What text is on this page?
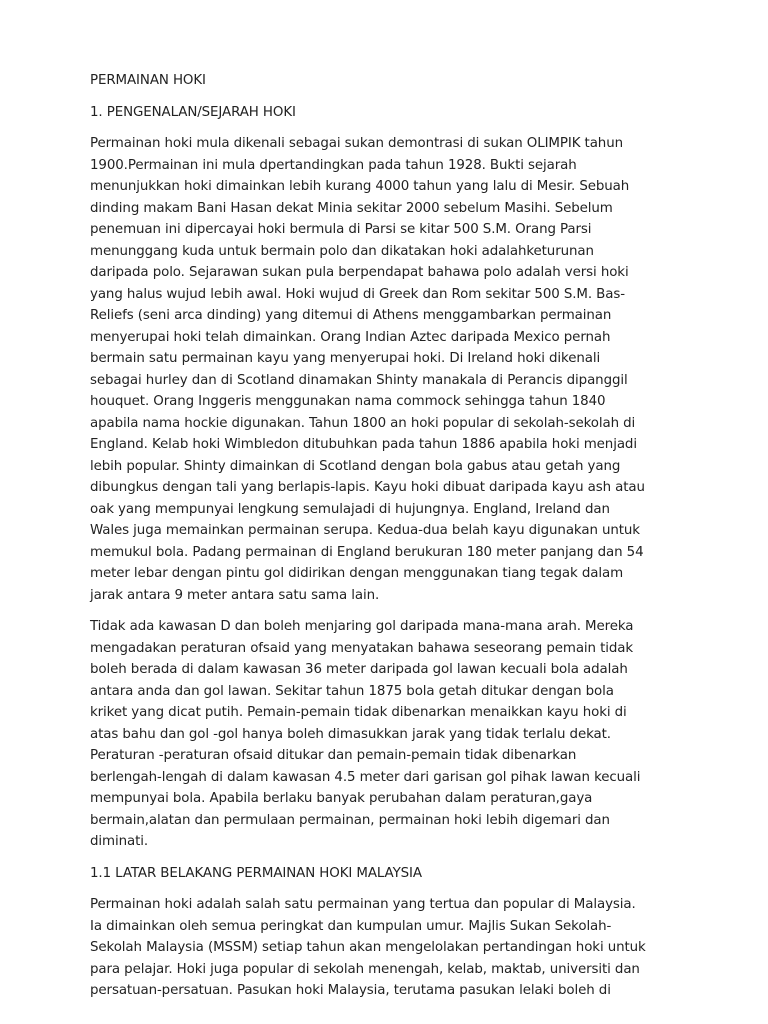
PERMAINAN HOKI
1. PENGENALAN/SEJARAH HOKI
Permainan hoki mula dikenali sebagai sukan demontrasi di sukan OLIMPIK tahun
1900.Permainan ini mula dpertandingkan pada tahun 1928. Bukti sejarah
menunjukkan hoki dimainkan lebih kurang 4000 tahun yang lalu di Mesir. Sebuah
dinding makam Bani Hasan dekat Minia sekitar 2000 sebelum Masihi. Sebelum
penemuan ini dipercayai hoki bermula di Parsi se kitar 500 S.M. Orang Parsi
menunggang kuda untuk bermain polo dan dikatakan hoki adalahketurunan
daripada polo. Sejarawan sukan pula berpendapat bahawa polo adalah versi hoki
yang halus wujud lebih awal. Hoki wujud di Greek dan Rom sekitar 500 S.M. Bas-
Reliefs (seni arca dinding) yang ditemui di Athens menggambarkan permainan
menyerupai hoki telah dimainkan. Orang Indian Aztec daripada Mexico pernah
bermain satu permainan kayu yang menyerupai hoki. Di Ireland hoki dikenali
sebagai hurley dan di Scotland dinamakan Shinty manakala di Perancis dipanggil
houquet. Orang Inggeris menggunakan nama commock sehingga tahun 1840
apabila nama hockie digunakan. Tahun 1800 an hoki popular di sekolah-sekolah di
England. Kelab hoki Wimbledon ditubuhkan pada tahun 1886 apabila hoki menjadi
lebih popular. Shinty dimainkan di Scotland dengan bola gabus atau getah yang
dibungkus dengan tali yang berlapis-lapis. Kayu hoki dibuat daripada kayu ash atau
oak yang mempunyai lengkung semulajadi di hujungnya. England, Ireland dan
Wales juga memainkan permainan serupa. Kedua-dua belah kayu digunakan untuk
memukul bola. Padang permainan di England berukuran 180 meter panjang dan 54
meter lebar dengan pintu gol didirikan dengan menggunakan tiang tegak dalam
jarak antara 9 meter antara satu sama lain.
Tidak ada kawasan D dan boleh menjaring gol daripada mana-mana arah. Mereka
mengadakan peraturan ofsaid yang menyatakan bahawa seseorang pemain tidak
boleh berada di dalam kawasan 36 meter daripada gol lawan kecuali bola adalah
antara anda dan gol lawan. Sekitar tahun 1875 bola getah ditukar dengan bola
kriket yang dicat putih. Pemain-pemain tidak dibenarkan menaikkan kayu hoki di
atas bahu dan gol -gol hanya boleh dimasukkan jarak yang tidak terlalu dekat.
Peraturan -peraturan ofsaid ditukar dan pemain-pemain tidak dibenarkan
berlengah-lengah di dalam kawasan 4.5 meter dari garisan gol pihak lawan kecuali
mempunyai bola. Apabila berlaku banyak perubahan dalam peraturan,gaya
bermain,alatan dan permulaan permainan, permainan hoki lebih digemari dan
diminati.
1.1 LATAR BELAKANG PERMAINAN HOKI MALAYSIA
Permainan hoki adalah salah satu permainan yang tertua dan popular di Malaysia.
Ia dimainkan oleh semua peringkat dan kumpulan umur. Majlis Sukan Sekolah-
Sekolah Malaysia (MSSM) setiap tahun akan mengelolakan pertandingan hoki untuk
para pelajar. Hoki juga popular di sekolah menengah, kelab, maktab, universiti dan
persatuan-persatuan. Pasukan hoki Malaysia, terutama pasukan lelaki boleh di
